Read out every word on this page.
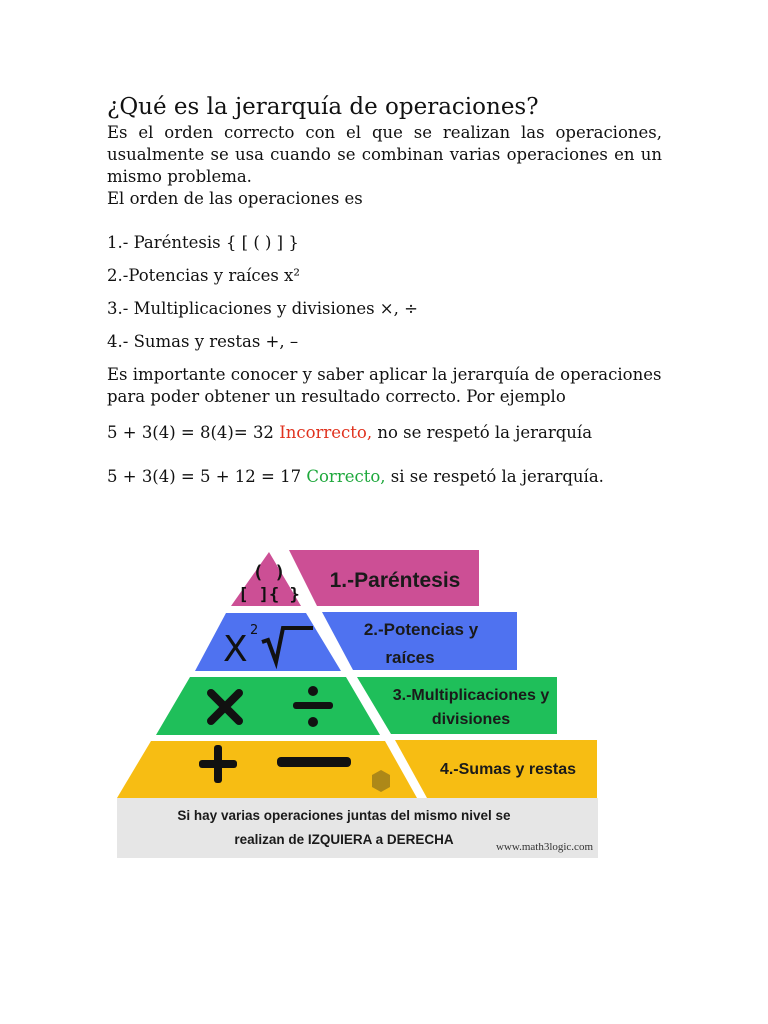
¿Qué es la jerarquía de operaciones?

Es el orden correcto con el que se realizan las operaciones, usualmente se usa cuando se combinan varias operaciones en un mismo problema.

El orden de las operaciones es

1.- Paréntesis { [ ( ) ] }

2.-Potencias y raíces x²

3.- Multiplicaciones y divisiones ×, ÷

4.- Sumas y restas +, –

Es importante conocer y saber aplicar la jerarquía de operaciones para poder obtener un resultado correcto. Por ejemplo

5 + 3(4) = 8(4)= 32 Incorrecto, no se respetó la jerarquía

5 + 3(4) = 5 + 12 = 17 Correcto, si se respetó la jerarquía.

( )
[ ]{ }
X 2
1.-Paréntesis
2.-Potencias y
raíces
3.-Multiplicaciones y
divisiones
4.-Sumas y restas
Si hay varias operaciones juntas del mismo nivel se
realizan de IZQUIERA a DERECHA	www.math3logic.com
